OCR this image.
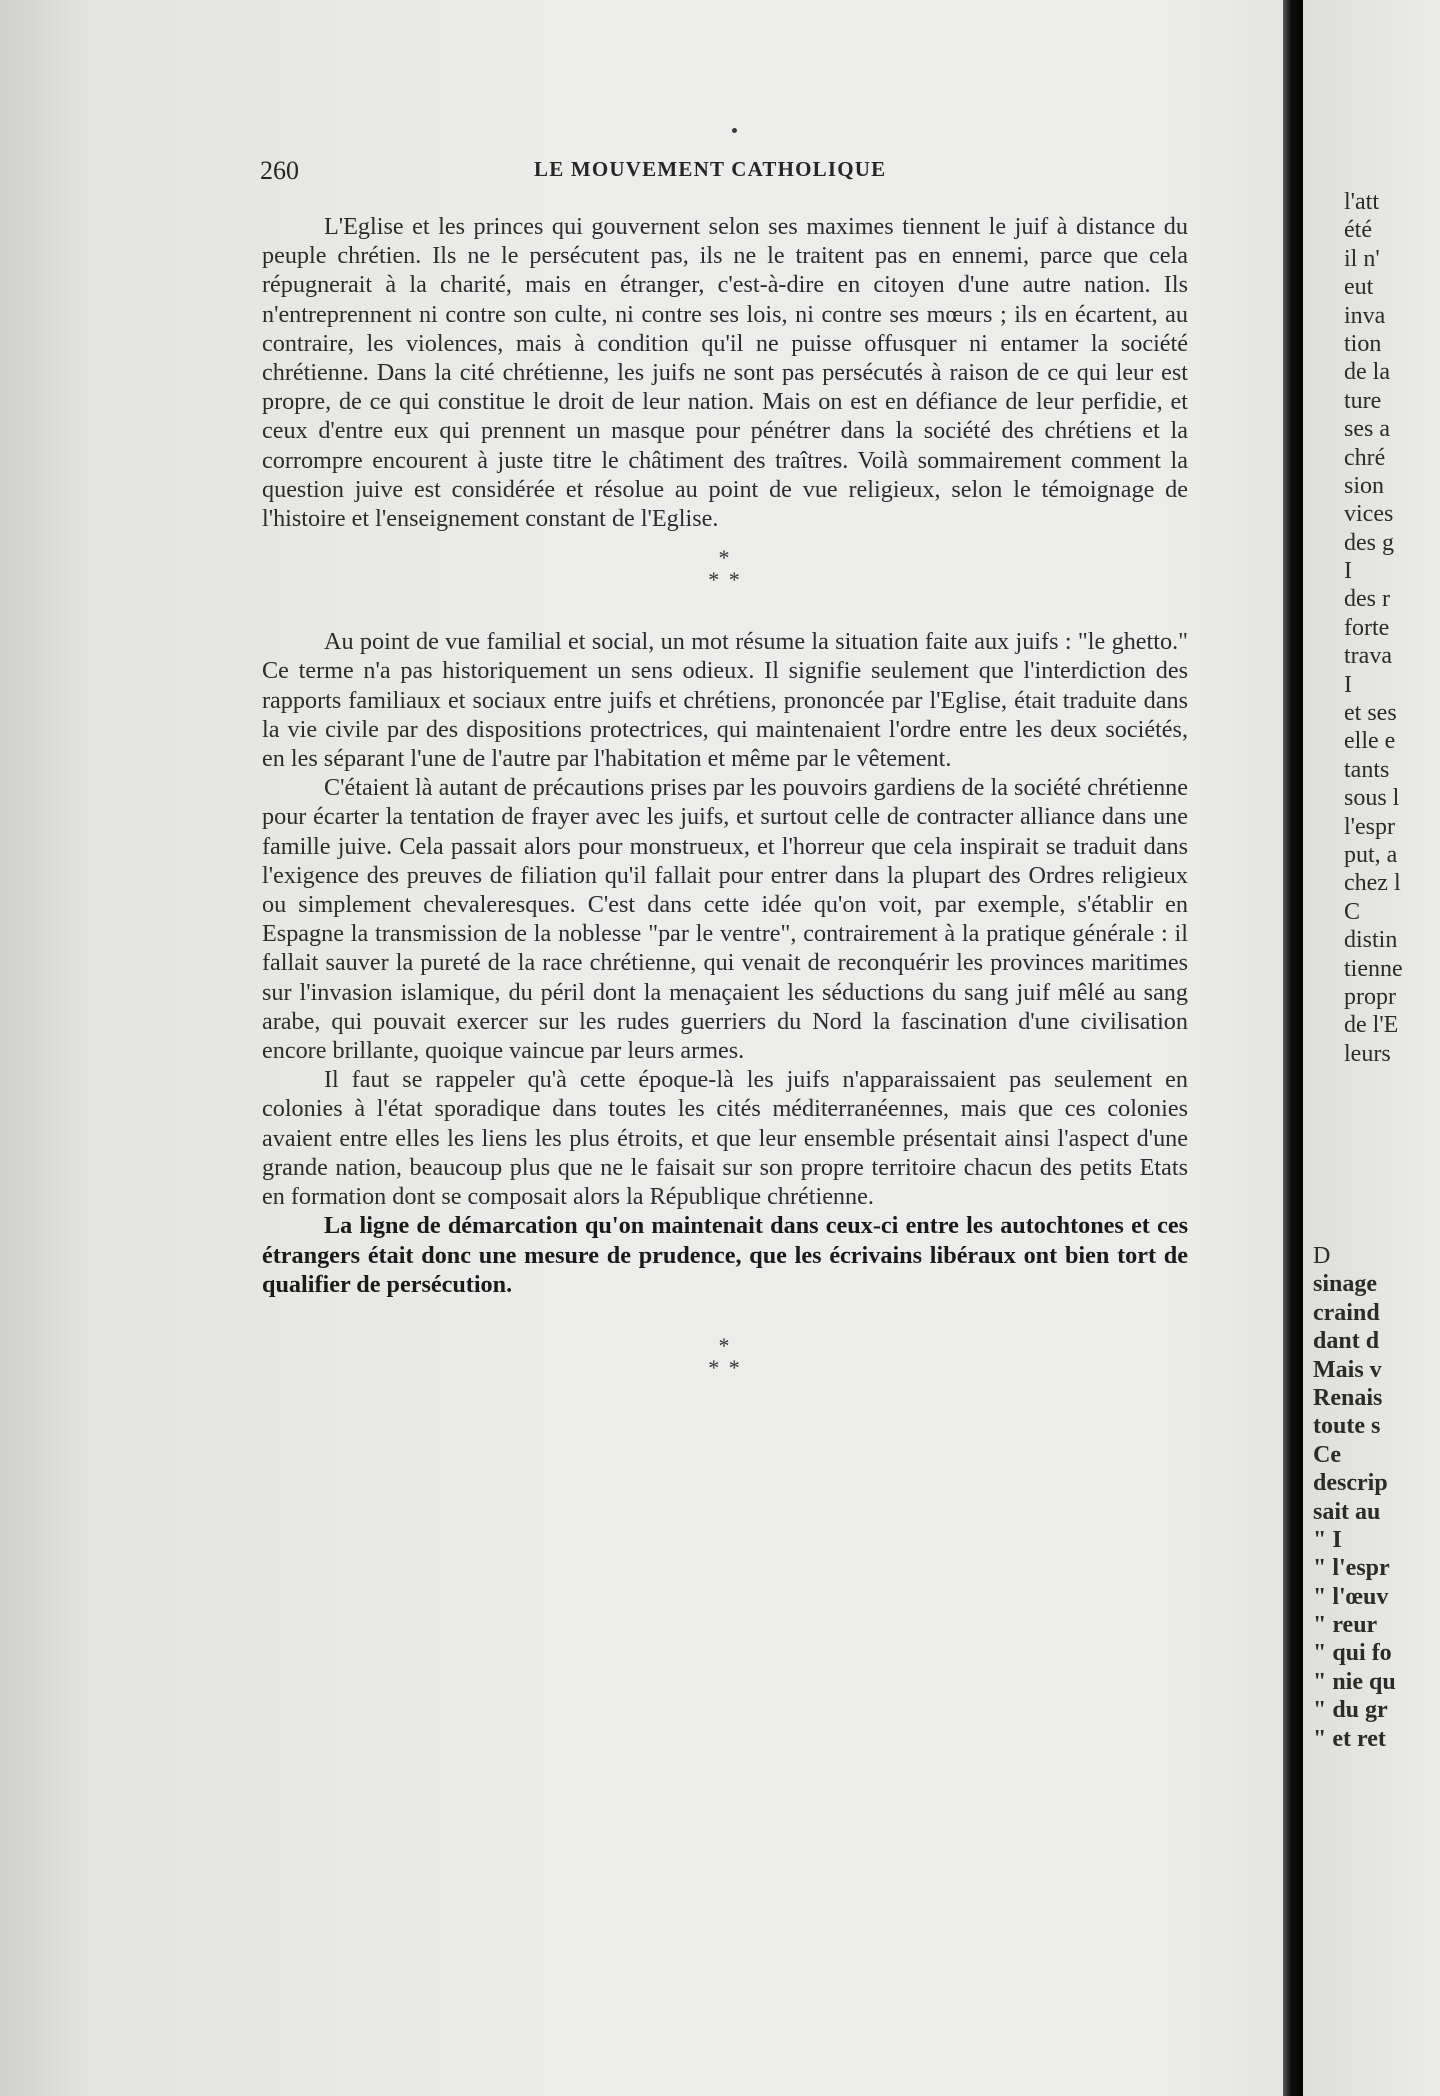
260	LE MOUVEMENT CATHOLIQUE

L'Eglise et les princes qui gouvernent selon ses maximes tiennent le juif à distance du peuple chrétien. Ils ne le persécutent pas, ils ne le traitent pas en ennemi, parce que cela répugnerait à la charité, mais en étranger, c'est-à-dire en citoyen d'une autre nation. Ils n'entreprennent ni contre son culte, ni contre ses lois, ni contre ses mœurs ; ils en écartent, au contraire, les violences, mais à condition qu'il ne puisse offusquer ni entamer la société chrétienne. Dans la cité chrétienne, les juifs ne sont pas persécutés à raison de ce qui leur est propre, de ce qui constitue le droit de leur nation. Mais on est en défiance de leur perfidie, et ceux d'entre eux qui prennent un masque pour pénétrer dans la société des chrétiens et la corrompre encourent à juste titre le châtiment des traîtres. Voilà sommairement comment la question juive est considérée et résolue au point de vue religieux, selon le témoignage de l'histoire et l'enseignement constant de l'Eglise.

*
* *

Au point de vue familial et social, un mot résume la situation faite aux juifs : "le ghetto." Ce terme n'a pas historiquement un sens odieux. Il signifie seulement que l'interdiction des rapports familiaux et sociaux entre juifs et chrétiens, prononcée par l'Eglise, était traduite dans la vie civile par des dispositions protectrices, qui maintenaient l'ordre entre les deux sociétés, en les séparant l'une de l'autre par l'habitation et même par le vêtement.

C'étaient là autant de précautions prises par les pouvoirs gardiens de la société chrétienne pour écarter la tentation de frayer avec les juifs, et surtout celle de contracter alliance dans une famille juive. Cela passait alors pour monstrueux, et l'horreur que cela inspirait se traduit dans l'exigence des preuves de filiation qu'il fallait pour entrer dans la plupart des Ordres religieux ou simplement chevaleresques. C'est dans cette idée qu'on voit, par exemple, s'établir en Espagne la transmission de la noblesse "par le ventre", contrairement à la pratique générale : il fallait sauver la pureté de la race chrétienne, qui venait de reconquérir les provinces maritimes sur l'invasion islamique, du péril dont la menaçaient les séductions du sang juif mêlé au sang arabe, qui pouvait exercer sur les rudes guerriers du Nord la fascination d'une civilisation encore brillante, quoique vaincue par leurs armes.

Il faut se rappeler qu'à cette époque-là les juifs n'apparaissaient pas seulement en colonies à l'état sporadique dans toutes les cités méditerranéennes, mais que ces colonies avaient entre elles les liens les plus étroits, et que leur ensemble présentait ainsi l'aspect d'une grande nation, beaucoup plus que ne le faisait sur son propre territoire chacun des petits Etats en formation dont se composait alors la République chrétienne.

La ligne de démarcation qu'on maintenait dans ceux-ci entre les autochtones et ces étrangers était donc une mesure de prudence, que les écrivains libéraux ont bien tort de qualifier de persécution.

*
* *
l'att
été
il n'
eut
inva
tion
de la
ture
ses a
chré
sion
vices
des g
I
des r
forte
trava
I
et ses
elle e
tants
sous l
l'espr
put, a
chez l
C
distin
tienne
propr
de l'E
leurs
D
sinage
craind
dant d
Mais v
Renais
toute s
Ce
descrip
sait au
" I
" l'espr
" l'œuv
" reur
" qui fo
" nie qu
" du gr
" et ret
